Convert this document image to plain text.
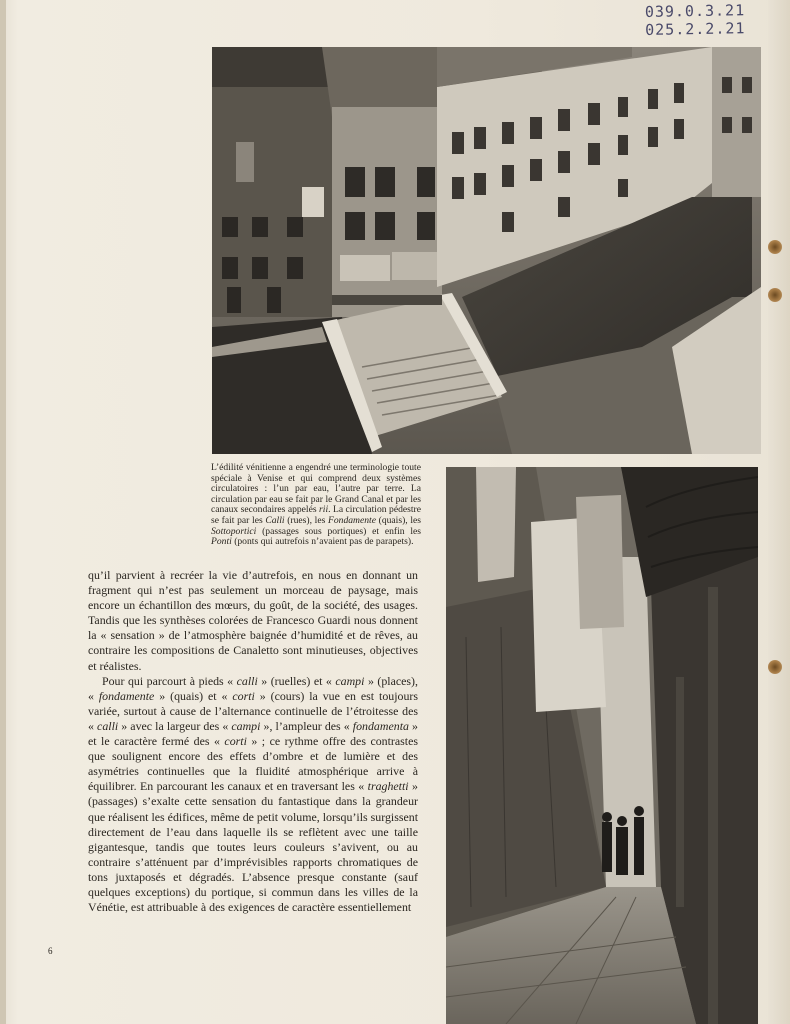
039.0.3.21
025.2.2.21

L’édilité vénitienne a engendré une terminologie toute spéciale à Venise et qui comprend deux systèmes circulatoires : l’un par eau, l’autre par terre. La circulation par eau se fait par le Grand Canal et par les canaux secondaires appelés rii. La circulation pédestre se fait par les Calli (rues), les Fondamente (quais), les Sottoportici (passages sous portiques) et enfin les Ponti (ponts qui autrefois n’avaient pas de parapets).

qu’il parvient à recréer la vie d’autrefois, en nous en donnant un fragment qui n’est pas seulement un morceau de paysage, mais encore un échantillon des mœurs, du goût, de la société, des usages. Tandis que les synthèses colorées de Francesco Guardi nous donnent la « sensation » de l’atmosphère baignée d’humidité et de rêves, au contraire les compositions de Canaletto sont minutieuses, objectives et réalistes.

Pour qui parcourt à pieds « calli » (ruelles) et « campi » (places), « fondamente » (quais) et « corti » (cours) la vue en est toujours variée, surtout à cause de l’alternance continuelle de l’étroitesse des « calli » avec la largeur des « campi », l’ampleur des « fondamenta » et le caractère fermé des « corti » ; ce rythme offre des contrastes que soulignent encore des effets d’ombre et de lumière et des asymétries continuelles que la fluidité atmosphérique arrive à équilibrer. En parcourant les canaux et en traversant les « traghetti » (passages) s’exalte cette sensation du fantastique dans la grandeur que réalisent les édifices, même de petit volume, lorsqu’ils surgissent directement de l’eau dans laquelle ils se reflètent avec une taille gigantesque, tandis que toutes leurs couleurs s’avivent, ou au contraire s’atténuent par d’imprévisibles rapports chromatiques de tons juxtaposés et dégradés. L’absence presque constante (sauf quelques exceptions) du portique, si commun dans les villes de la Vénétie, est attribuable à des exigences de caractère essentiellement

6
